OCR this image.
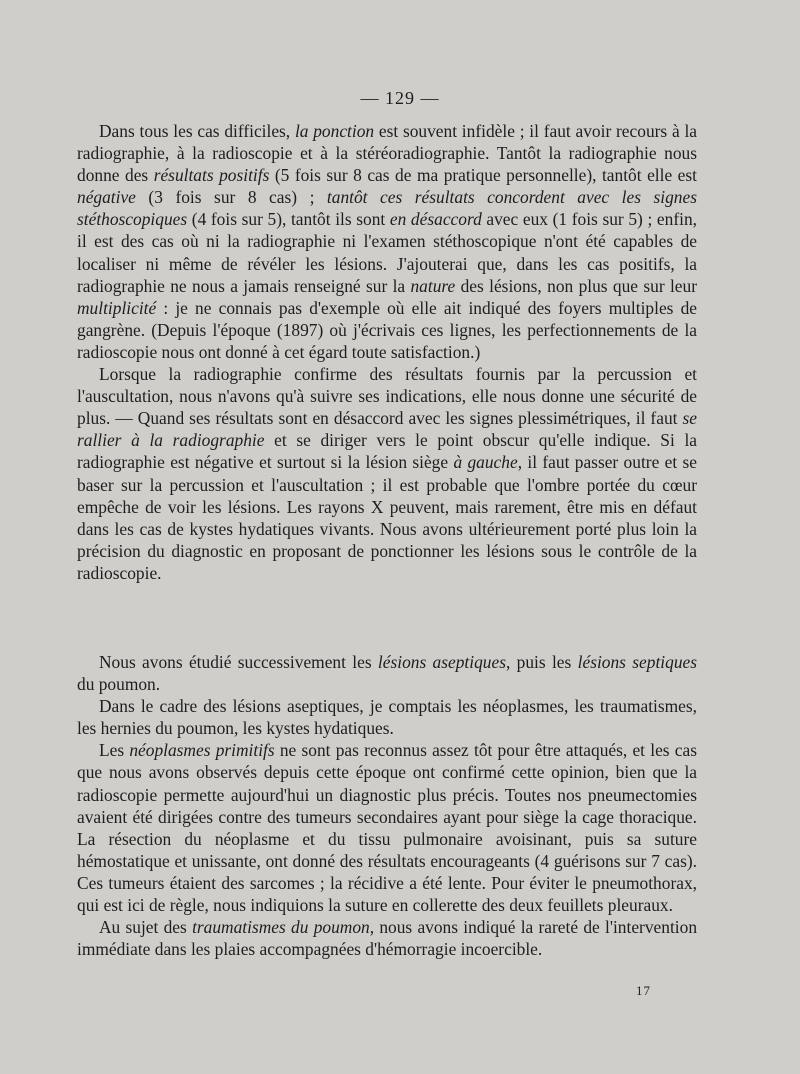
— 129 —

Dans tous les cas difficiles, la ponction est souvent infidèle ; il faut avoir recours à la radiographie, à la radioscopie et à la stéréoradiographie. Tantôt la radiographie nous donne des résultats positifs (5 fois sur 8 cas de ma pratique personnelle), tantôt elle est négative (3 fois sur 8 cas) ; tantôt ces résultats concordent avec les signes stéthoscopiques (4 fois sur 5), tantôt ils sont en désaccord avec eux (1 fois sur 5) ; enfin, il est des cas où ni la radiographie ni l'examen stéthoscopique n'ont été capables de localiser ni même de révéler les lésions. J'ajouterai que, dans les cas positifs, la radiographie ne nous a jamais renseigné sur la nature des lésions, non plus que sur leur multiplicité : je ne connais pas d'exemple où elle ait indiqué des foyers multiples de gangrène. (Depuis l'époque (1897) où j'écrivais ces lignes, les perfectionnements de la radioscopie nous ont donné à cet égard toute satisfaction.)

Lorsque la radiographie confirme des résultats fournis par la percussion et l'auscultation, nous n'avons qu'à suivre ses indications, elle nous donne une sécurité de plus. — Quand ses résultats sont en désaccord avec les signes plessimétriques, il faut se rallier à la radiographie et se diriger vers le point obscur qu'elle indique. Si la radiographie est négative et surtout si la lésion siège à gauche, il faut passer outre et se baser sur la percussion et l'auscultation ; il est probable que l'ombre portée du cœur empêche de voir les lésions. Les rayons X peuvent, mais rarement, être mis en défaut dans les cas de kystes hydatiques vivants. Nous avons ultérieurement porté plus loin la précision du diagnostic en proposant de ponctionner les lésions sous le contrôle de la radioscopie.

Nous avons étudié successivement les lésions aseptiques, puis les lésions septiques du poumon.

Dans le cadre des lésions aseptiques, je comptais les néoplasmes, les traumatismes, les hernies du poumon, les kystes hydatiques.

Les néoplasmes primitifs ne sont pas reconnus assez tôt pour être attaqués, et les cas que nous avons observés depuis cette époque ont confirmé cette opinion, bien que la radioscopie permette aujourd'hui un diagnostic plus précis. Toutes nos pneumectomies avaient été dirigées contre des tumeurs secondaires ayant pour siège la cage thoracique. La résection du néoplasme et du tissu pulmonaire avoisinant, puis sa suture hémostatique et unissante, ont donné des résultats encourageants (4 guérisons sur 7 cas). Ces tumeurs étaient des sarcomes ; la récidive a été lente. Pour éviter le pneumothorax, qui est ici de règle, nous indiquions la suture en collerette des deux feuillets pleuraux.

Au sujet des traumatismes du poumon, nous avons indiqué la rareté de l'intervention immédiate dans les plaies accompagnées d'hémorragie incoercible.

17
